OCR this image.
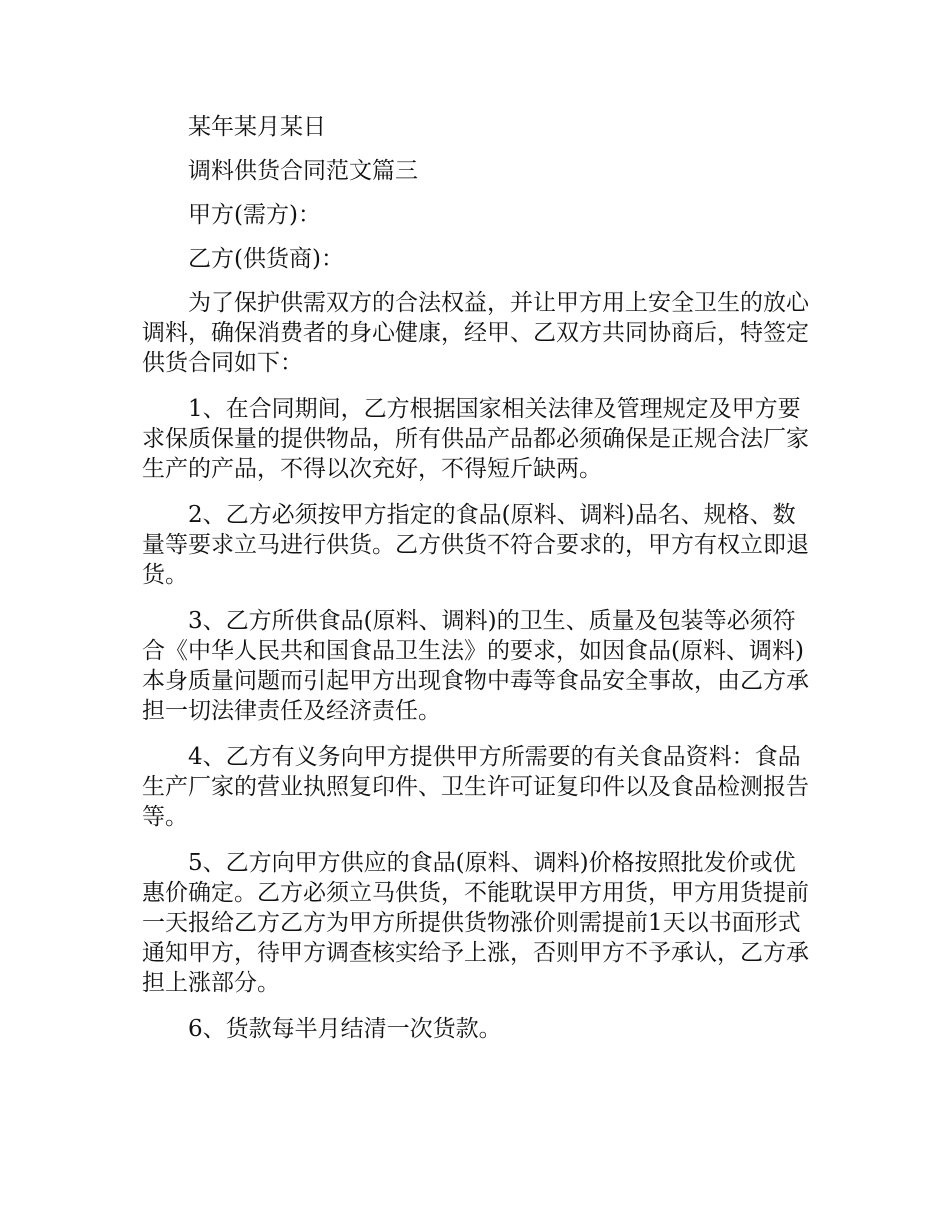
某年某月某日

调料供货合同范文篇三

甲方(需方)：

乙方(供货商)：

为了保护供需双方的合法权益，并让甲方用上安全卫生的放心调料，确保消费者的身心健康，经甲、乙双方共同协商后，特签定供货合同如下：

1、在合同期间，乙方根据国家相关法律及管理规定及甲方要求保质保量的提供物品，所有供品产品都必须确保是正规合法厂家生产的产品，不得以次充好，不得短斤缺两。

2、乙方必须按甲方指定的食品(原料、调料)品名、规格、数量等要求立马进行供货。乙方供货不符合要求的，甲方有权立即退货。

3、乙方所供食品(原料、调料)的卫生、质量及包装等必须符合《中华人民共和国食品卫生法》的要求，如因食品(原料、调料)本身质量问题而引起甲方出现食物中毒等食品安全事故，由乙方承担一切法律责任及经济责任。

4、乙方有义务向甲方提供甲方所需要的有关食品资料：食品生产厂家的营业执照复印件、卫生许可证复印件以及食品检测报告等。

5、乙方向甲方供应的食品(原料、调料)价格按照批发价或优惠价确定。乙方必须立马供货，不能耽误甲方用货，甲方用货提前一天报给乙方乙方为甲方所提供货物涨价则需提前1天以书面形式通知甲方，待甲方调查核实给予上涨，否则甲方不予承认，乙方承担上涨部分。

6、货款每半月结清一次货款。
